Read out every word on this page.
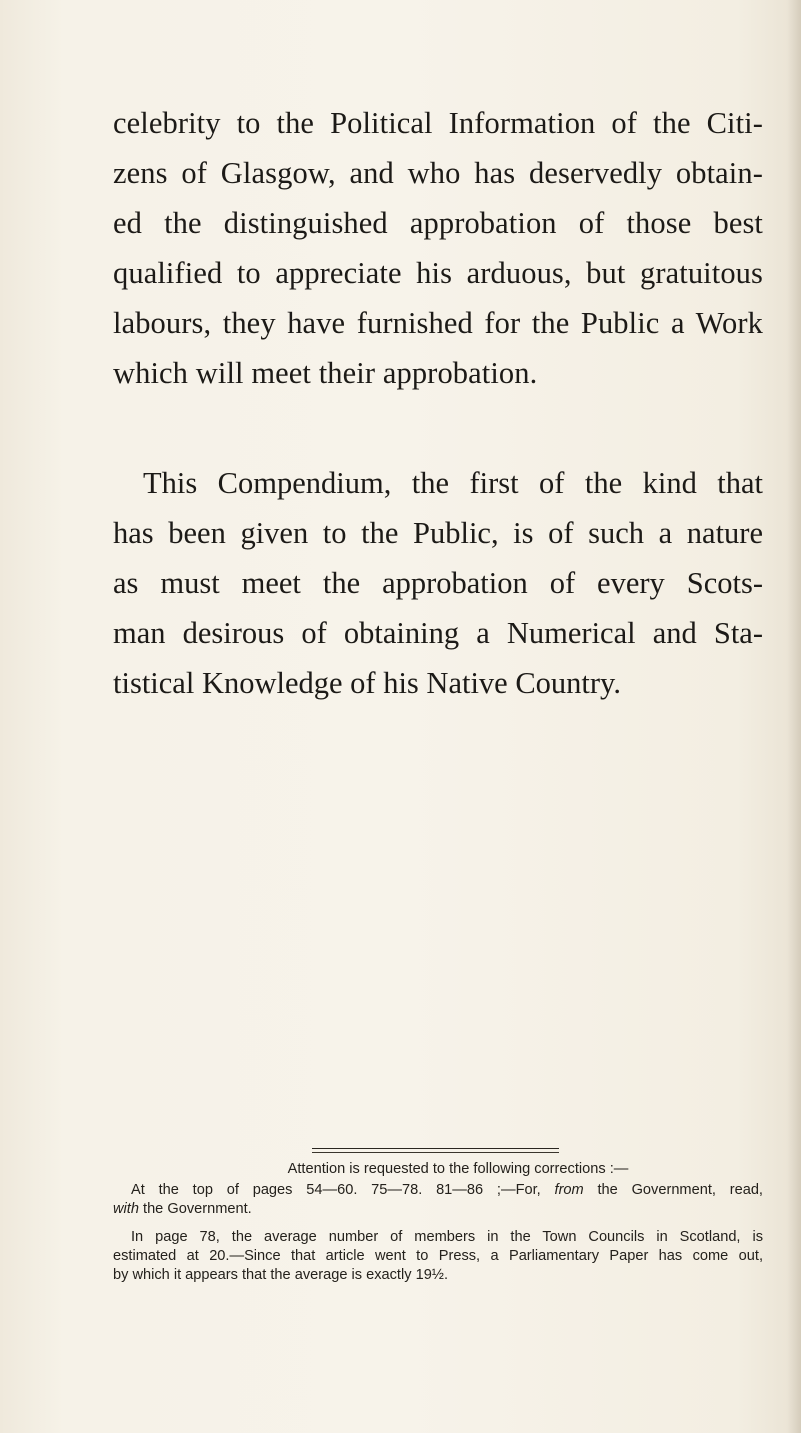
celebrity to the Political Information of the Citi-
zens of Glasgow, and who has deservedly obtain-
ed the distinguished approbation of those best
qualified to appreciate his arduous, but gratuitous
labours, they have furnished for the Public a Work
which will meet their approbation.
This Compendium, the first of the kind that
has been given to the Public, is of such a nature
as must meet the approbation of every Scots-
man desirous of obtaining a Numerical and Sta-
tistical Knowledge of his Native Country.
Attention is requested to the following corrections :—
At the top of pages 54—60. 75—78. 81—86 ;—For, from the Government, read,
with the Government.
In page 78, the average number of members in the Town Councils in Scotland, is
estimated at 20.—Since that article went to Press, a Parliamentary Paper has come out,
by which it appears that the average is exactly 19½.
